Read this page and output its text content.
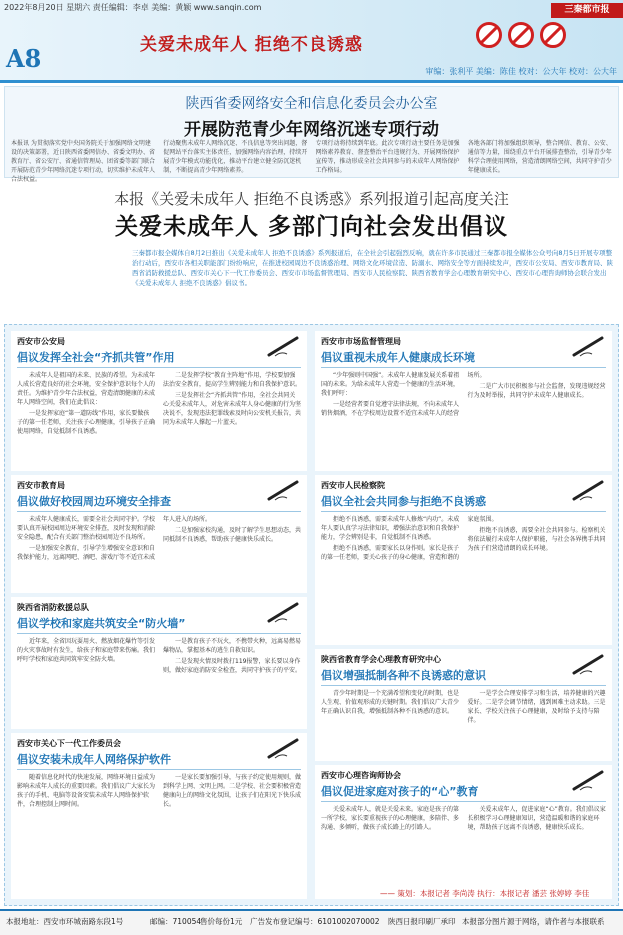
2022年8月20日 星期六 责任编辑：李卓 美编：黄颖 www.sanqin.com
A8	关爱未成年人 拒绝不良诱惑
三秦都市报
审编：张利平 美编：陈佳 校对：公大年 校对：公大年
陕西省委网络安全和信息化委员会办公室
开展防范青少年网络沉迷专项行动
本报讯 为贯彻落实党中央国务院关于加强网络文明建设的决策部署，近日陕西省委网信办、省委文明办、省教育厅、省公安厅、省通信管理局、团省委等部门联合开展防范青少年网络沉迷专项行动，切实维护未成年人合法权益。
行动聚焦未成年人网络沉迷、不良信息等突出问题，督促网站平台落实主体责任，加强网络内容治理，持续开展青少年模式功能优化，推动平台建立健全防沉迷机制，不断提高青少年网络素养。
专项行动将持续到年底。此次专项行动主要任务是加强网络素养教育、督查整治平台违规行为、开展网络保护宣传等，推动形成全社会共同参与的未成年人网络保护工作格局。
各地各部门将加强组织领导，整合网信、教育、公安、通信等力量，围绕重点平台开展排查整治，引导青少年科学合理使用网络，营造清朗网络空间，共同守护青少年健康成长。
本报《关爱未成年人 拒绝不良诱惑》系列报道引起高度关注
关爱未成年人 多部门向社会发出倡议
三秦都市报全媒体自8月2日推出《关爱未成年人 拒绝不良诱惑》系列报道后，在全社会引起强烈反响，就在许多市民通过三秦都市报全媒体公众号向8月5日开展专项整治行动后，西安市各相关职能部门纷纷响应，在推进校园周边不良诱惑治理、网络文化环境营造、防溺水、网络安全等方面持续发声，西安市公安局、西安市教育局、陕西省消防救援总队、西安市关心下一代工作委员会、西安市市场监督管理局、西安市人民检察院、陕西省教育学会心理教育研究中心、西安市心理咨询师协会联合发出《关爱未成年人 拒绝不良诱惑》倡议书。
西安市公安局
倡议发挥全社会“齐抓共管”作用

未成年人是祖国的未来、民族的希望。为未成年人成长营造良好的社会环境，安全保护意识每个人的责任。为维护青少年合法权益，营造清朗健康的未成年人网络空间，我们在此倡议：

一是发挥家庭“第一道防线”作用，家长要做孩子的第一任老师，关注孩子心理健康，引导孩子正确使用网络，自觉抵制不良诱惑。

二是发挥学校“教育主阵地”作用，学校要加强法治安全教育，提高学生辨别能力和自我保护意识。

三是发挥社会“齐抓共管”作用，全社会共同关心关爱未成年人，对危害未成年人身心健康的行为坚决说不，发现违法犯罪线索及时向公安机关报告，共同为未成年人撑起一片蓝天。

西安市教育局
倡议做好校园周边环境安全排查

未成年人健康成长，需要全社会共同守护。学校要认真开展校园周边环境安全排查，及时发现和消除安全隐患，配合有关部门整治校园周边不良场所。

一是加强安全教育，引导学生增强安全意识和自我保护能力，远离网吧、酒吧、游戏厅等不适宜未成年人进入的场所。

二是加强家校沟通，及时了解学生思想动态，共同抵制不良诱惑，帮助孩子健康快乐成长。

陕西省消防救援总队
倡议学校和家庭共筑安全“防火墙”

近年来，全省因玩耍用火、燃放烟花爆竹等引发的火灾事故时有发生，给孩子和家庭带来伤痛。我们呼吁学校和家庭共同筑牢安全防火墙。

一是教育孩子不玩火，不携带火种，远离易燃易爆物品，掌握基本的逃生自救知识。

二是发现火情及时拨打119报警，家长要以身作则，做好家庭消防安全检查，共同守护孩子的平安。

西安市关心下一代工作委员会
倡议安装未成年人网络保护软件

随着信息化时代的快速发展，网络环境日益成为影响未成年人成长的重要因素。我们倡议广大家长为孩子的手机、电脑等设备安装未成年人网络保护软件，合理控制上网时间。

一是家长要加强引导，与孩子约定使用规则，做到科学上网、文明上网。二是学校、社会要积极营造健康向上的网络文化氛围，让孩子们在阳光下快乐成长。

西安市市场监督管理局
倡议重视未成年人健康成长环境

“少年强则中国强”。未成年人健康发展关系着祖国的未来。为给未成年人营造一个健康的生活环境，我们呼吁：

一是经营者要自觉遵守法律法规，不向未成年人销售烟酒，不在学校周边设置不适宜未成年人的经营场所。

二是广大市民积极参与社会监督，发现违规经营行为及时举报，共同守护未成年人健康成长。

西安市人民检察院
倡议全社会共同参与拒绝不良诱惑

拒绝不良诱惑，需要未成年人修炼“内功”。未成年人要认真学习法律知识，增强法治意识和自我保护能力，学会辨别是非，自觉抵制不良诱惑。

拒绝不良诱惑，需要家长以身作则。家长是孩子的第一任老师，要关心孩子的身心健康，营造和谐的家庭氛围。

拒绝不良诱惑，需要全社会共同参与。检察机关将依法履行未成年人保护职能，与社会各界携手共同为孩子们营造清朗的成长环境。

陕西省教育学会心理教育研究中心
倡议增强抵制各种不良诱惑的意识

青少年时期是一个充满希望和变化的时期，也是人生观、价值观形成的关键时期。我们倡议广大青少年正确认识自我，增强抵制各种不良诱惑的意识。

一是学会合理安排学习和生活，培养健康的兴趣爱好。二是学会调节情绪，遇到困难主动求助。三是家长、学校关注孩子心理健康，及时给予支持与陪伴。

西安市心理咨询师协会
倡议促进家庭对孩子的“心”教育

关爱未成年人，就是关爱未来。家庭是孩子的第一所学校，家长要重视孩子的心理健康，多陪伴、多沟通、多倾听，做孩子成长路上的引路人。

关爱未成年人，促进家庭“心”教育。我们倡议家长积极学习心理健康知识，营造温暖和谐的家庭环境，帮助孩子远离不良诱惑，健康快乐成长。

—— 策划：本报记者 李尚涛 执行：本报记者 潘芸 张婷婷 李佳
本报地址：西安市环城南路东段1号	邮编：710054
售价每份1元 广告发布登记编号：6101002070002 陕西日报印刷厂承印 本报部分图片源于网络，请作者与本报联系
